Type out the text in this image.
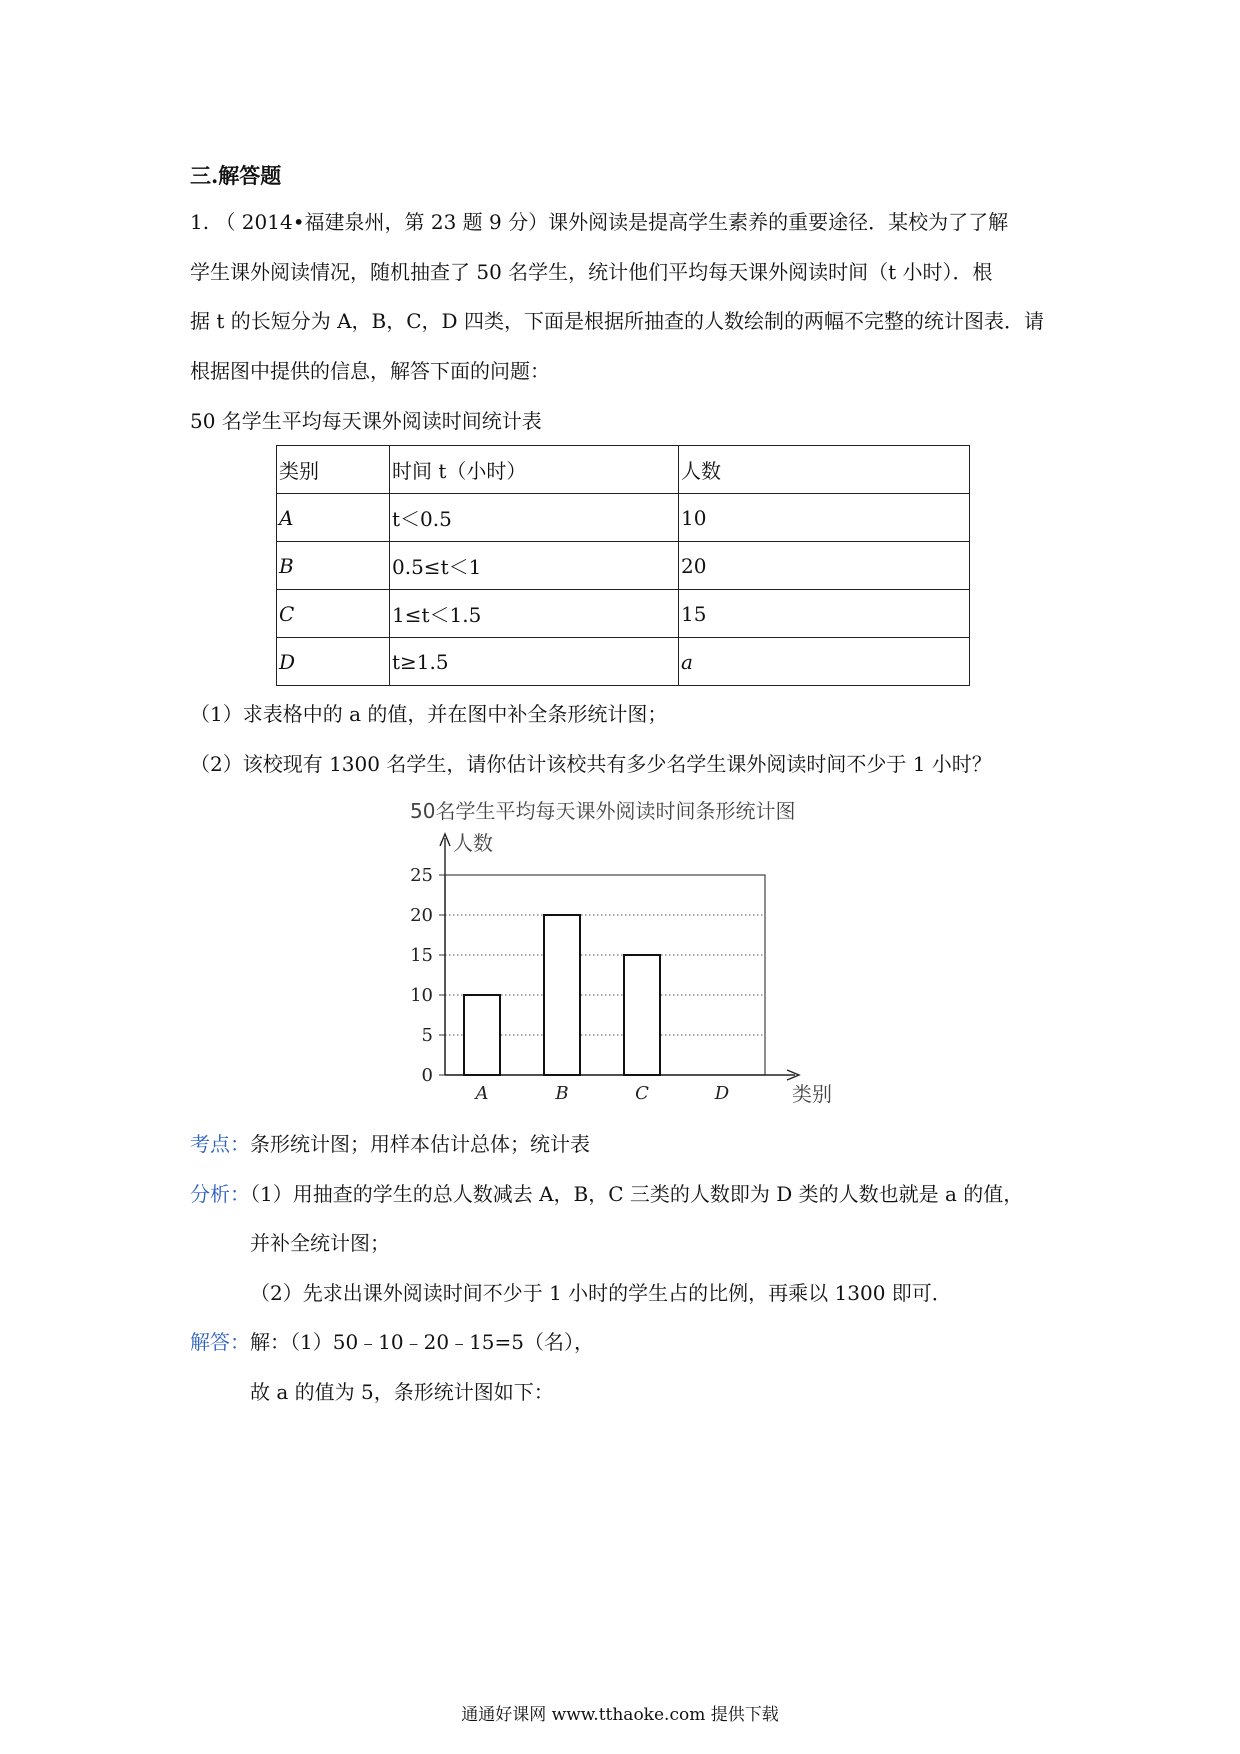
三.解答题
1. （ 2014•福建泉州，第 23 题 9 分）课外阅读是提高学生素养的重要途径．某校为了了解
学生课外阅读情况，随机抽查了 50 名学生，统计他们平均每天课外阅读时间（t 小时）．根
据 t 的长短分为 A，B，C，D 四类，下面是根据所抽查的人数绘制的两幅不完整的统计图表．请
根据图中提供的信息，解答下面的问题：
50 名学生平均每天课外阅读时间统计表
类别	时间 t（小时）	人数
A	t＜0.5	10
B	0.5≤t＜1	20
C	1≤t＜1.5	15
D	t≥1.5	a
（1）求表格中的 a 的值，并在图中补全条形统计图；
（2）该校现有 1300 名学生，请你估计该校共有多少名学生课外阅读时间不少于 1 小时？
50名学生平均每天课外阅读时间条形统计图
0
5
10
15
20
25
人数
类别
A	B	C	D
考点：条形统计图；用样本估计总体；统计表
分析：（1）用抽查的学生的总人数减去 A，B，C 三类的人数即为 D 类的人数也就是 a 的值，
并补全统计图；
（2）先求出课外阅读时间不少于 1 小时的学生占的比例，再乘以 1300 即可．
解答：解：（1）50﹣10﹣20﹣15=5（名），
故 a 的值为 5，条形统计图如下：
通通好课网 www.tthaoke.com 提供下载
